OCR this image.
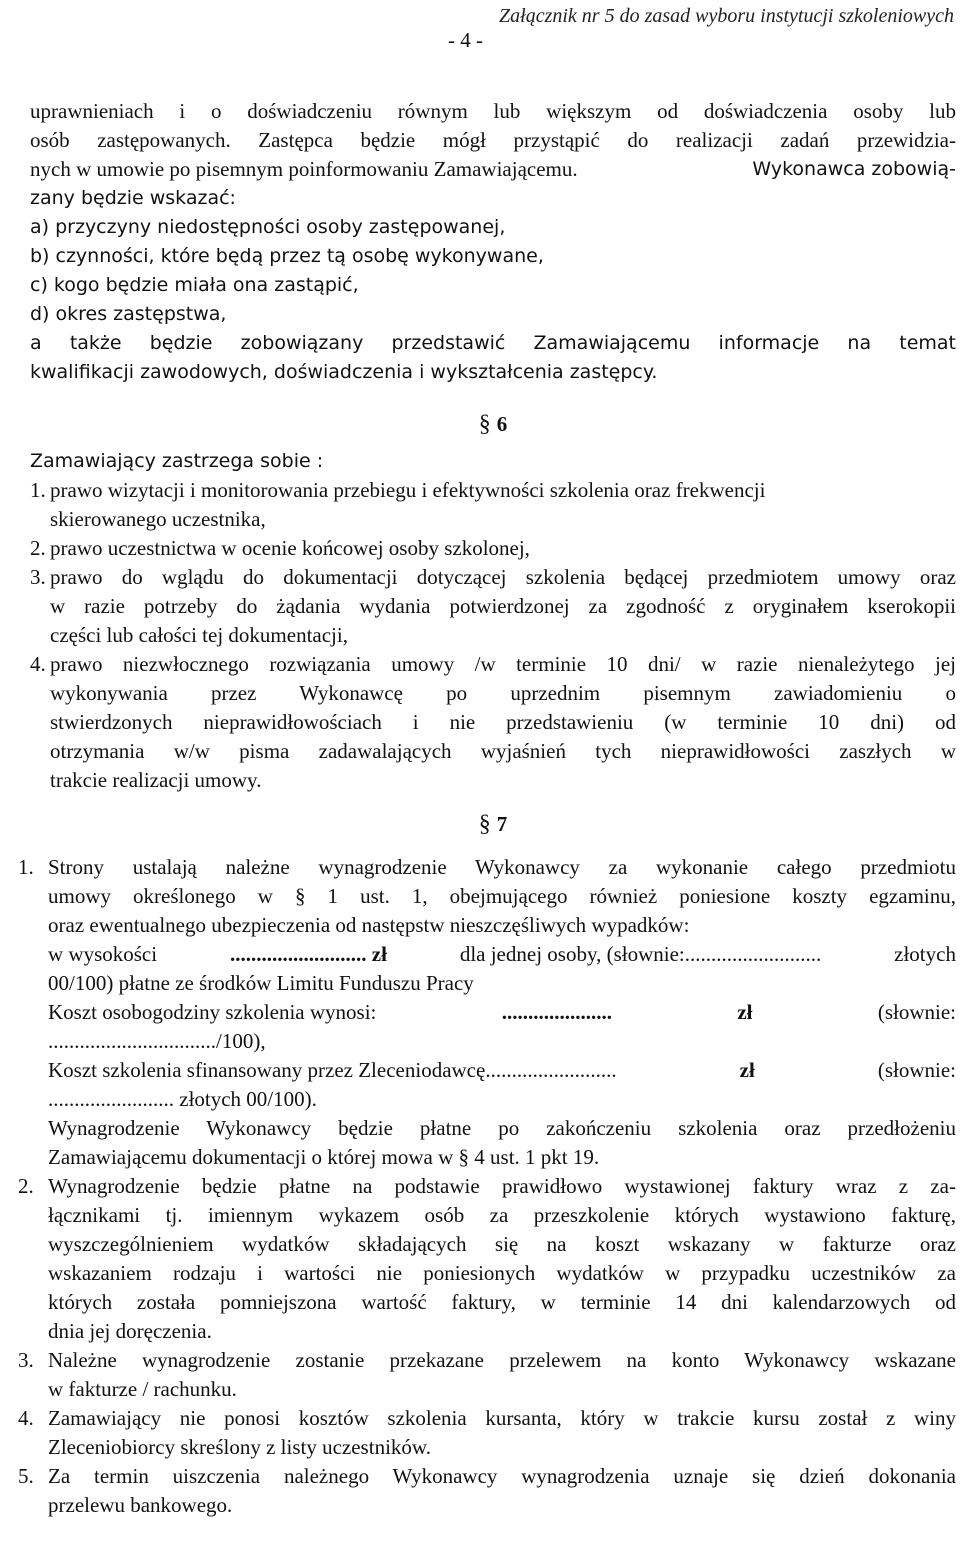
Załącznik nr 5 do zasad wyboru instytucji szkoleniowych
- 4 -
uprawnieniach i o doświadczeniu równym lub większym od doświadczenia osoby lub
osób zastępowanych. Zastępca będzie mógł przystąpić do realizacji zadań przewidzia-
nych w umowie po pisemnym poinformowaniu Zamawiającemu.	Wykonawca zobowią-
zany będzie wskazać:
a) przyczyny niedostępności osoby zastępowanej,
b) czynności, które będą przez tą osobę wykonywane,
c) kogo będzie miała ona zastąpić,
d) okres zastępstwa,
a także będzie zobowiązany przedstawić Zamawiającemu informacje na temat
kwalifikacji zawodowych, doświadczenia i wykształcenia zastępcy.
§ 6
Zamawiający zastrzega sobie :
1. prawo wizytacji i monitorowania przebiegu i efektywności szkolenia oraz frekwencji
skierowanego uczestnika,
2. prawo uczestnictwa w ocenie końcowej osoby szkolonej,
3. prawo do wglądu do dokumentacji dotyczącej szkolenia będącej przedmiotem umowy oraz
w razie potrzeby do żądania wydania potwierdzonej za zgodność z oryginałem kserokopii
części lub całości tej dokumentacji,
4. prawo niezwłocznego rozwiązania umowy /w terminie 10 dni/ w razie nienależytego jej
wykonywania przez Wykonawcę po uprzednim pisemnym zawiadomieniu o
stwierdzonych nieprawidłowościach i nie przedstawieniu (w terminie 10 dni) od
otrzymania w/w pisma zadawalających wyjaśnień tych nieprawidłowości zaszłych w
trakcie realizacji umowy.
§ 7
1. Strony ustalają należne wynagrodzenie Wykonawcy za wykonanie całego przedmiotu
umowy określonego w § 1 ust. 1, obejmującego również poniesione koszty egzaminu,
oraz ewentualnego ubezpieczenia od następstw nieszczęśliwych wypadków:
w wysokości	.......................... zł	dla jednej osoby, (słownie:..........................	złotych
00/100) płatne ze środków Limitu Funduszu Pracy
Koszt osobogodziny szkolenia wynosi:	.....................	zł	(słownie:
................................/100),
Koszt szkolenia sfinansowany przez Zleceniodawcę.........................	zł	(słownie:
........................ złotych 00/100).
Wynagrodzenie Wykonawcy będzie płatne po zakończeniu szkolenia oraz przedłożeniu
Zamawiającemu dokumentacji o której mowa w § 4 ust. 1 pkt 19.
2. Wynagrodzenie będzie płatne na podstawie prawidłowo wystawionej faktury wraz z za-
łącznikami tj. imiennym wykazem osób za przeszkolenie których wystawiono fakturę,
wyszczególnieniem wydatków składających się na koszt wskazany w fakturze oraz
wskazaniem rodzaju i wartości nie poniesionych wydatków w przypadku uczestników za
których została pomniejszona wartość faktury, w terminie 14 dni kalendarzowych od
dnia jej doręczenia.
3. Należne wynagrodzenie zostanie przekazane przelewem na konto Wykonawcy wskazane
w fakturze / rachunku.
4. Zamawiający nie ponosi kosztów szkolenia kursanta, który w trakcie kursu został z winy
Zleceniobiorcy skreślony z listy uczestników.
5. Za termin uiszczenia należnego Wykonawcy wynagrodzenia uznaje się dzień dokonania
przelewu bankowego.
